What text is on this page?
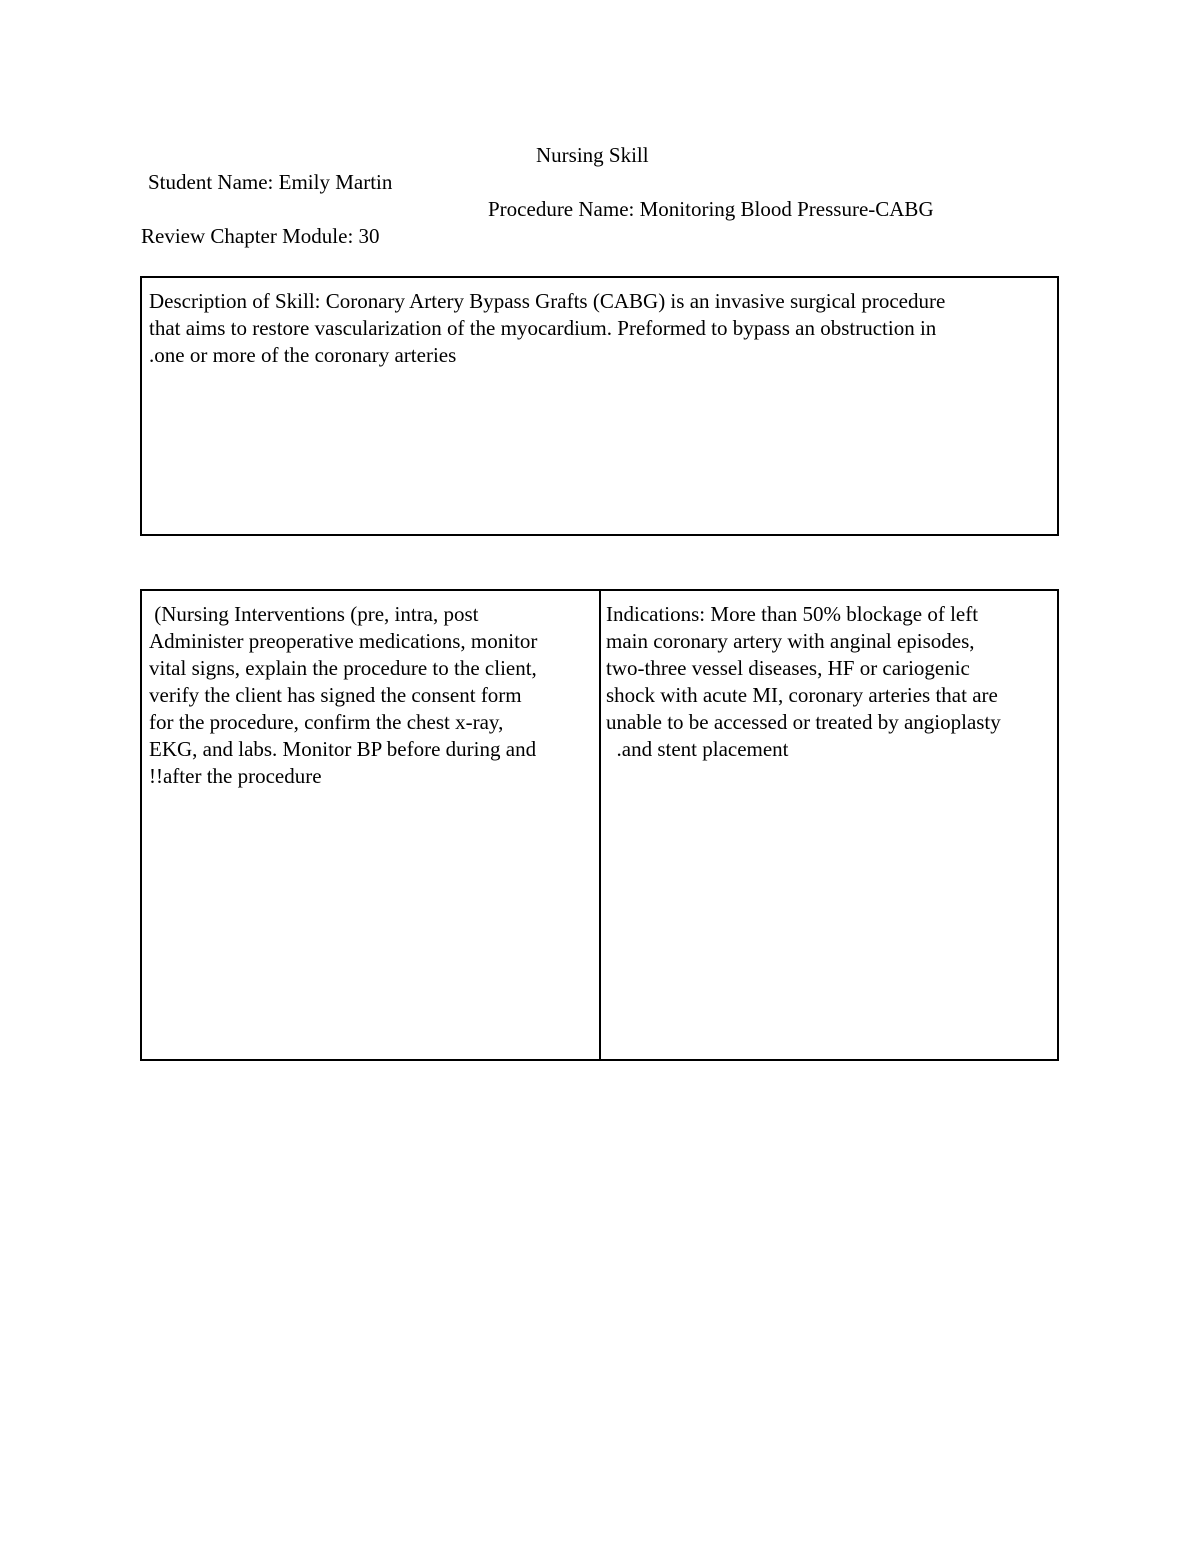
Nursing Skill
Student Name: Emily Martin
Procedure Name: Monitoring Blood Pressure-CABG
Review Chapter Module: 30
Description of Skill: Coronary Artery Bypass Grafts (CABG) is an invasive surgical procedure
that aims to restore vascularization of the myocardium. Preformed to bypass an obstruction in
.one or more of the coronary arteries
(Nursing Interventions (pre, intra, post
Administer preoperative medications, monitor
vital signs, explain the procedure to the client,
verify the client has signed the consent form
for the procedure, confirm the chest x-ray,
EKG, and labs. Monitor BP before during and
!!after the procedure
Indications: More than 50% blockage of left
main coronary artery with anginal episodes,
two-three vessel diseases, HF or cariogenic
shock with acute MI, coronary arteries that are
unable to be accessed or treated by angioplasty
.and stent placement
